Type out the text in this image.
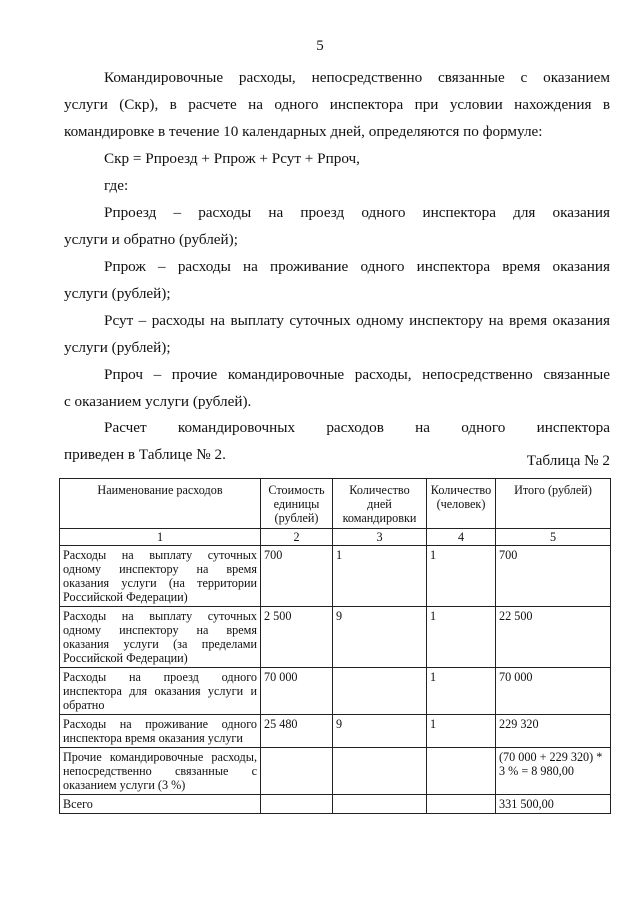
5
Командировочные расходы, непосредственно связанные с оказанием
услуги (Скр), в расчете на одного инспектора при условии нахождения в командировке в течение 10 календарных дней, определяются по формуле:
Скр = Рпроезд + Рпрож + Рсут + Рпроч,
где:
Рпроезд – расходы на проезд одного инспектора для оказания
услуги и обратно (рублей);
Рпрож – расходы на проживание одного инспектора время оказания
услуги (рублей);
Рсут – расходы на выплату суточных одному инспектору на время оказания
услуги (рублей);
Рпроч – прочие командировочные расходы, непосредственно связанные
с оказанием услуги (рублей).
Расчет командировочных расходов на одного инспектора
приведен в Таблице № 2.	Таблица № 2
Наименование расходов	Стоимость единицы (рублей)	Количество дней командировки	Количество (человек)	Итого (рублей)
1	2	3	4	5
Расходы на выплату суточных одному инспектору на время оказания услуги (на территории Российской Федерации)	700	1	1	700
Расходы на выплату суточных одному инспектору на время оказания услуги (за пределами Российской Федерации)	2 500	9	1	22 500
Расходы на проезд одного инспектора для оказания услуги и обратно	70 000		1	70 000
Расходы на проживание одного инспектора время оказания услуги	25 480	9	1	229 320
Прочие командировочные расходы, непосредственно связанные с оказанием услуги (3 %)				(70 000 + 229 320) * 3 % = 8 980,00
Всего				331 500,00
